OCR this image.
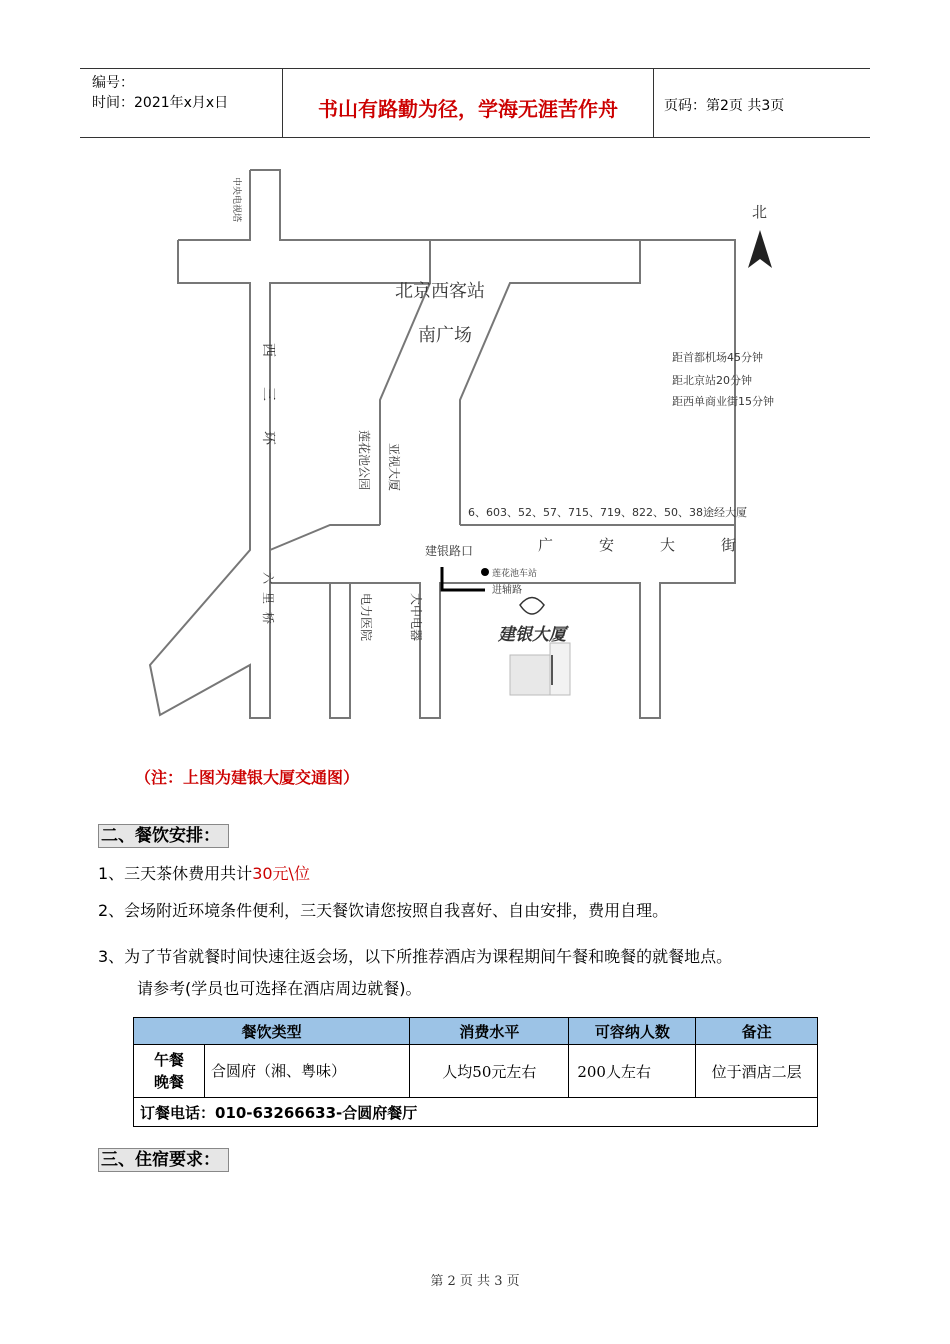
编号：
时间：2021年x月x日	书山有路勤为径，学海无涯苦作舟	页码：第2页 共3页
中央电视塔	北
北京西客站
南广场
距首都机场45分钟
距北京站20分钟
距西单商业街15分钟
西三环	莲花池公园 亚视大厦
6、603、52、57、715、719、822、50、38途经大厦
建银路口	广安大街
莲花池车站
进辅路
六里桥	电力医院	大中电器	建银大厦
（注：上图为建银大厦交通图）
二、餐饮安排：
1、三天茶休费用共计30元\位
2、会场附近环境条件便利，三天餐饮请您按照自我喜好、自由安排，费用自理。
3、为了节省就餐时间快速往返会场，以下所推荐酒店为课程期间午餐和晚餐的就餐地点。
请参考(学员也可选择在酒店周边就餐)。
餐饮类型		消费水平	可容纳人数	备注

午餐
晚餐	合圆府（湘、粤味）	人均50元左右	200人左右	位于酒店二层
订餐电话：010-63266633-合圆府餐厅				
三、住宿要求：
第 2 页 共 3 页
